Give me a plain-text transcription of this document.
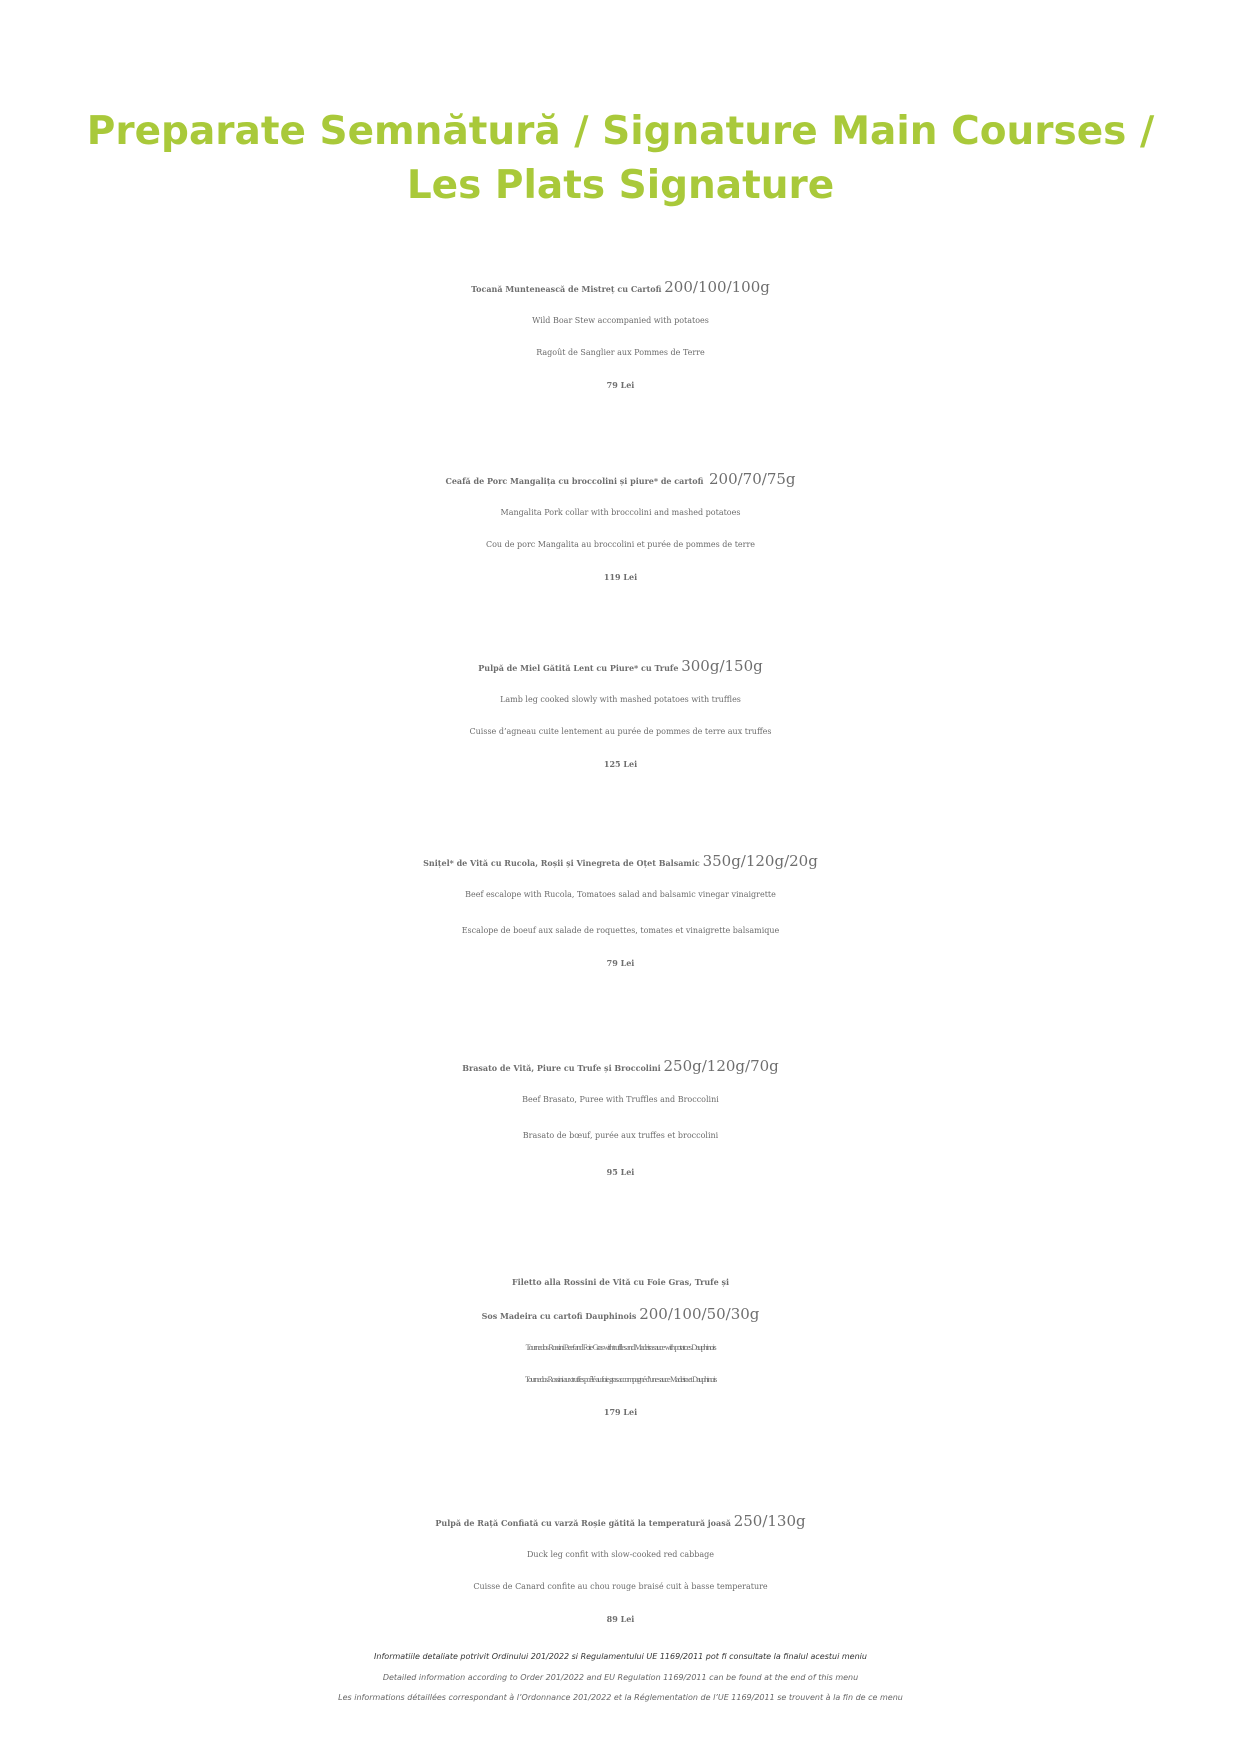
Preparate Semnătură / Signature Main Courses /
Les Plats Signature
Tocană Muntenească de Mistreț cu Cartofi 200/100/100g
Wild Boar Stew accompanied with potatoes
Ragoût de Sanglier aux Pommes de Terre
79 Lei
Ceafă de Porc Mangalița cu broccolini și piure* de cartofi 200/70/75g
Mangalita Pork collar with broccolini and mashed potatoes
Cou de porc Mangalita au broccolini et purée de pommes de terre
119 Lei
Pulpă de Miel Gătită Lent cu Piure* cu Trufe 300g/150g
Lamb leg cooked slowly with mashed potatoes with truffles
Cuisse d’agneau cuite lentement au purée de pommes de terre aux truffes
125 Lei
Snițel* de Vită cu Rucola, Roșii și Vinegreta de Oțet Balsamic 350g/120g/20g
Beef escalope with Rucola, Tomatoes salad and balsamic vinegar vinaigrette
Escalope de boeuf aux salade de roquettes, tomates et vinaigrette balsamique
79 Lei
Brasato de Vită, Piure cu Trufe și Broccolini 250g/120g/70g
Beef Brasato, Puree with Truffles and Broccolini
Brasato de bœuf, purée aux truffes et broccolini
95 Lei
Filetto alla Rossini de Vită cu Foie Gras, Trufe și
Sos Madeira cu cartofi Dauphinois 200/100/50/30g
Tournedos Rossini Beef and Foie Gras with truffles and Madeira sauce with potatoes Dauphinois
Tournedos Rossini aux truffes poêlé au foie gras accompagné d’une sauce Madeira et Dauphinois
179 Lei
Pulpă de Rață Confiată cu varză Roșie gătită la temperatură joasă 250/130g
Duck leg confit with slow-cooked red cabbage
Cuisse de Canard confite au chou rouge braisé cuit à basse temperature
89 Lei
Informatiile detaliate potrivit Ordinului 201/2022 si Regulamentului UE 1169/2011 pot fi consultate la finalul acestui meniu
Detailed information according to Order 201/2022 and EU Regulation 1169/2011 can be found at the end of this menu
Les informations détaillées correspondant à l’Ordonnance 201/2022 et la Réglementation de l’UE 1169/2011 se trouvent à la fin de ce menu
